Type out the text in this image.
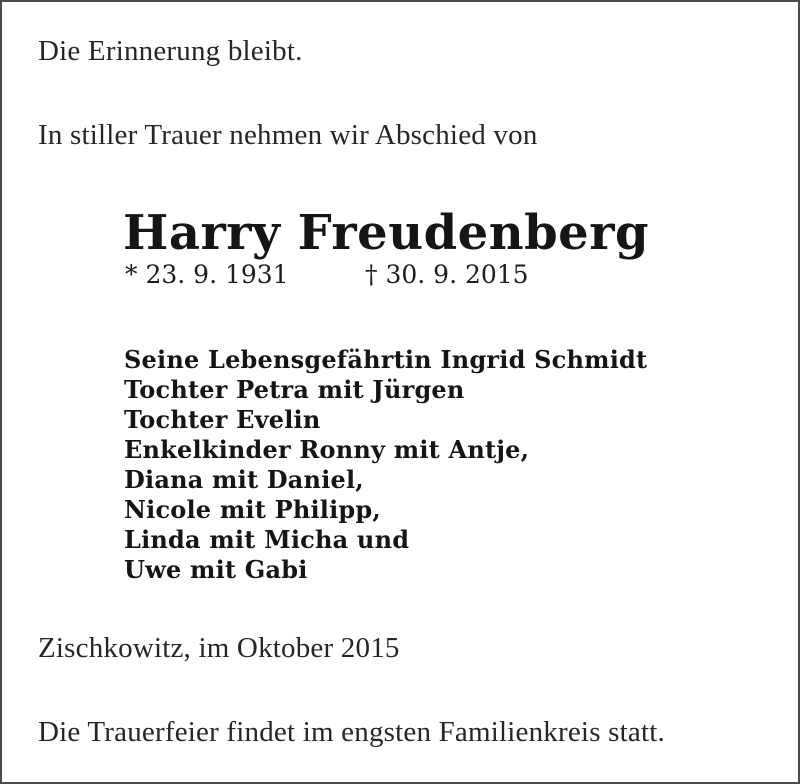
Die Erinnerung bleibt.
In stiller Trauer nehmen wir Abschied von
Harry Freudenberg
* 23. 9. 1931	† 30. 9. 2015
Seine Lebensgefährtin Ingrid Schmidt
Tochter Petra mit Jürgen
Tochter Evelin
Enkelkinder Ronny mit Antje,
Diana mit Daniel,
Nicole mit Philipp,
Linda mit Micha und
Uwe mit Gabi
Zischkowitz, im Oktober 2015
Die Trauerfeier findet im engsten Familienkreis statt.
